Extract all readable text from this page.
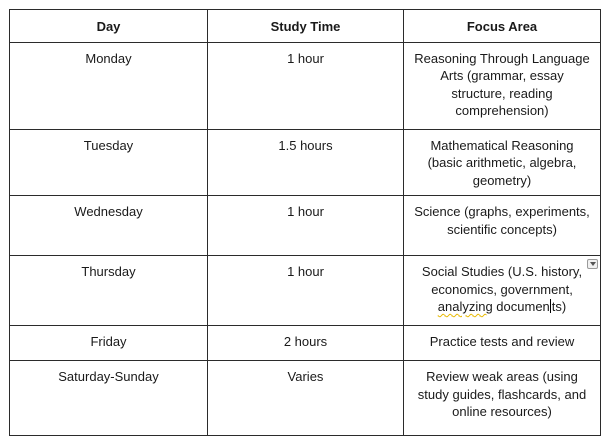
Day	Study Time	Focus Area
Monday	1 hour	Reasoning Through Language Arts (grammar, essay structure, reading comprehension)
Tuesday	1.5 hours	Mathematical Reasoning (basic arithmetic, algebra, geometry)
Wednesday	1 hour	Science (graphs, experiments, scientific concepts)
Thursday	1 hour	Social Studies (U.S. history, economics, government, analyzing documen ts)

Friday	2 hours	Practice tests and review
Saturday-Sunday	Varies	Review weak areas (using study guides, flashcards, and online resources)
